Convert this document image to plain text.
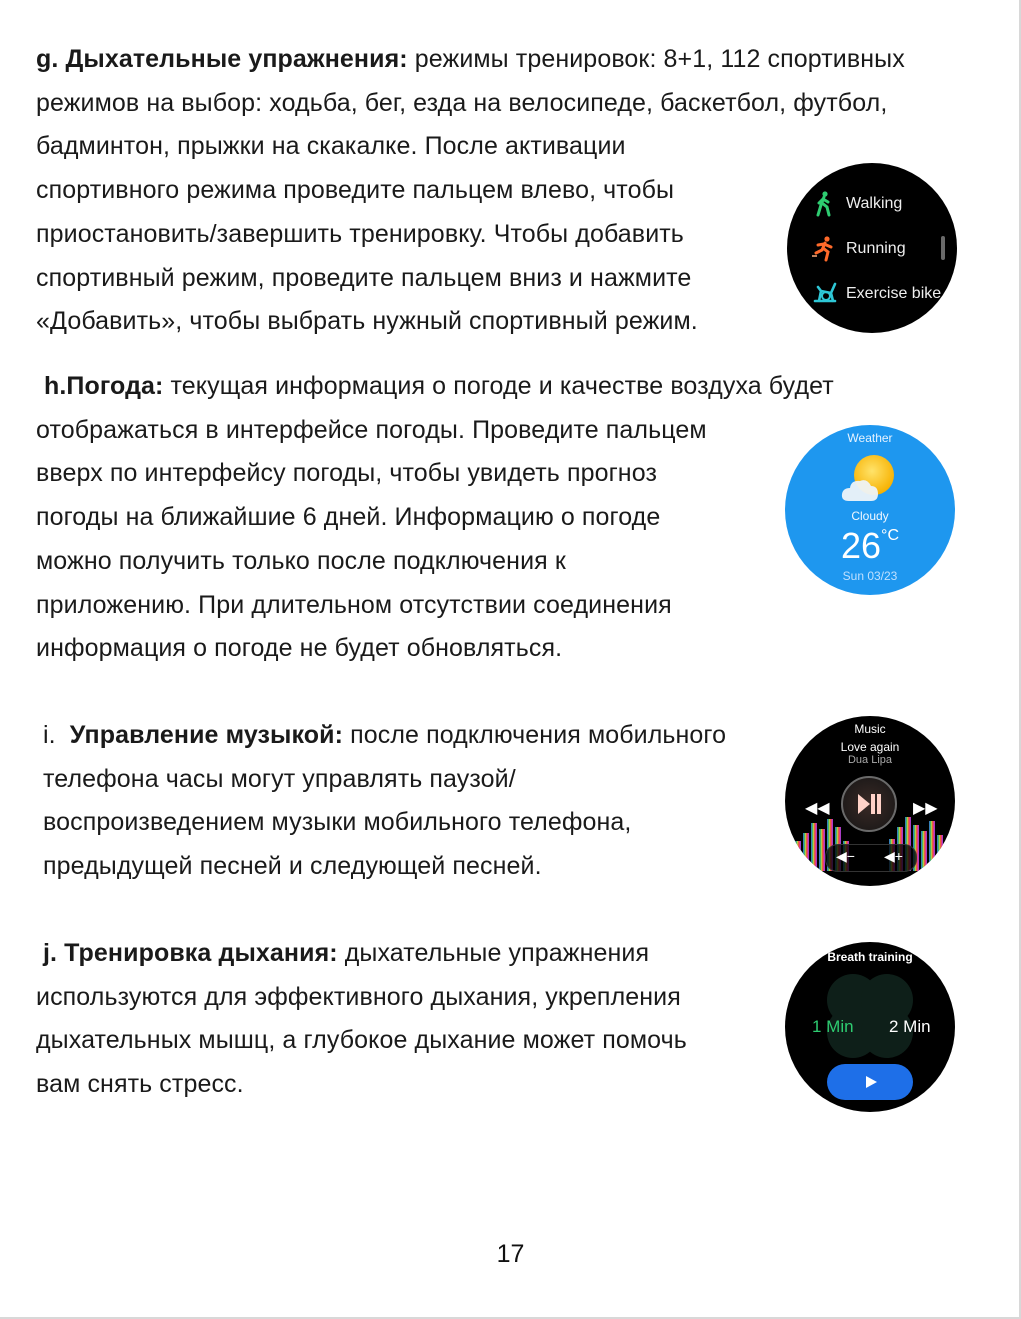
g. Дыхательные упражнения: режимы тренировок: 8+1, 112 спортивных
режимов на выбор: ходьба, бег, езда на велосипеде, баскетбол, футбол,
бадминтон, прыжки на скакалке. После активации
спортивного режима проведите пальцем влево, чтобы
приостановить/завершить тренировку. Чтобы добавить
спортивный режим, проведите пальцем вниз и нажмите
«Добавить», чтобы выбрать нужный спортивный режим.
Walking
Running
Exercise bike
h.Погода: текущая информация о погоде и качестве воздуха будет
отображаться в интерфейсе погоды. Проведите пальцем
вверх по интерфейсу погоды, чтобы увидеть прогноз
погоды на ближайшие 6 дней. Информацию о погоде
можно получить только после подключения к
приложению. При длительном отсутствии соединения
информация о погоде не будет обновляться.
Weather
Cloudy
26°C
Sun 03/23
i.  Управление музыкой: после подключения мобильного
телефона часы могут управлять паузой/
воспроизведением музыки мобильного телефона,
предыдущей песней и следующей песней.
Music
Love again
Dua Lipa
◀◀	▶▶
◀− ◀+
j. Тренировка дыхания: дыхательные упражнения
используются для эффективного дыхания, укрепления
дыхательных мышц, а глубокое дыхание может помочь
вам снять стресс.
Breath training
1 Min 2 Min
17
